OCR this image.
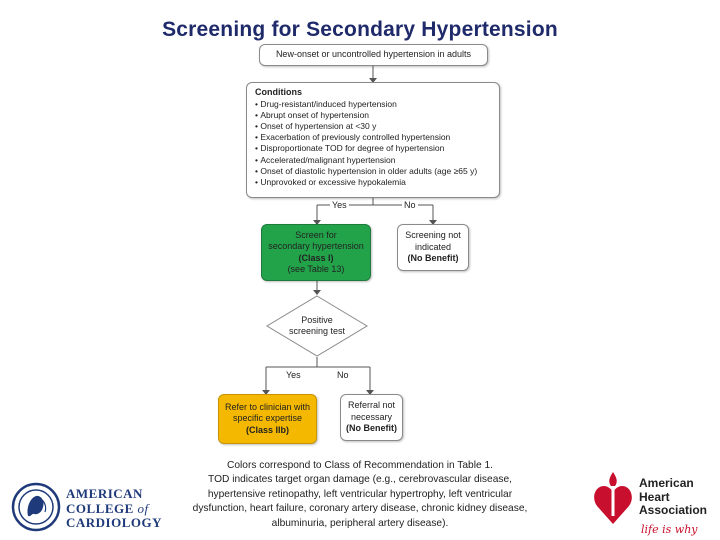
Screening for Secondary Hypertension
New-onset or uncontrolled hypertension in adults
Conditions
• Drug-resistant/induced hypertension
• Abrupt onset of hypertension
• Onset of hypertension at <30 y
• Exacerbation of previously controlled hypertension
• Disproportionate TOD for degree of hypertension
• Accelerated/malignant hypertension
• Onset of diastolic hypertension in older adults (age ≥65 y)
• Unprovoked or excessive hypokalemia
Yes	No
Screen for
secondary hypertension
(Class I)
(see Table 13)
Screening not
indicated
(No Benefit)
Positive
screening test
Yes	No
Refer to clinician with
specific expertise
(Class IIb)
Referral not
necessary
(No Benefit)
Colors correspond to Class of Recommendation in Table 1.
TOD indicates target organ damage (e.g., cerebrovascular disease,
hypertensive retinopathy, left ventricular hypertrophy, left ventricular
dysfunction, heart failure, coronary artery disease, chronic kidney disease,
albuminuria, peripheral artery disease).
AMERICAN
COLLEGE of
CARDIOLOGY
American
Heart
Association
life is why
